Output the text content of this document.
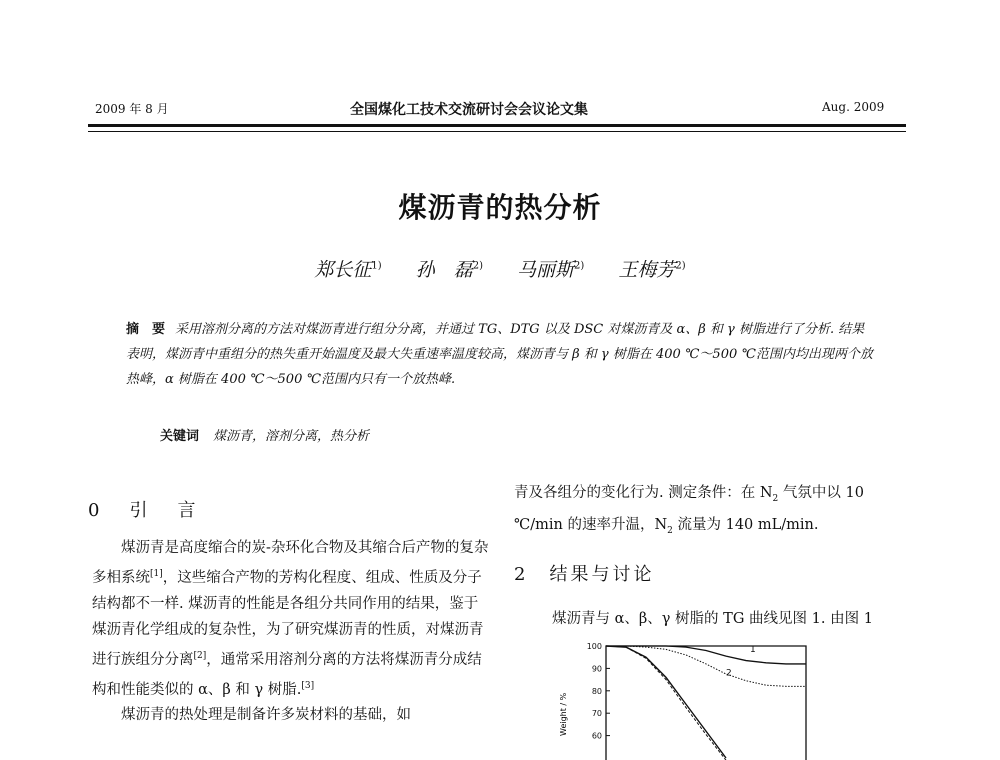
2009 年 8 月	全国煤化工技术交流研讨会会议论文集	Aug. 2009
煤沥青的热分析
郑长征$^{1)}$ 孙　磊$^{2)}$ 马丽斯$^{2)}$ 王梅芳$^{2)}$
摘　要 采用溶剂分离的方法对煤沥青进行组分分离，并通过 TG、DTG 以及 DSC 对煤沥青及 α、β 和 γ 树脂进行了分析. 结果表明，煤沥青中重组分的热失重开始温度及最大失重速率温度较高，煤沥青与 β 和 γ 树脂在 400 ℃～500 ℃范围内均出现两个放热峰，α 树脂在 400 ℃～500 ℃范围内只有一个放热峰.
关键词 煤沥青，溶剂分离，热分析
0　引　言

煤沥青是高度缩合的炭-杂环化合物及其缩合后产物的复杂多相系统[1]，这些缩合产物的芳构化程度、组成、性质及分子结构都不一样. 煤沥青的性能是各组分共同作用的结果，鉴于煤沥青化学组成的复杂性，为了研究煤沥青的性质，对煤沥青进行族组分分离[2]，通常采用溶剂分离的方法将煤沥青分成结构和性能类似的 α、β 和 γ 树脂.[3]

煤沥青的热处理是制备许多炭材料的基础，如

青及各组分的变化行为. 测定条件：在 $N_2$ 气氛中以 10 ℃/min 的速率升温，$N_2$ 流量为 140 mL/min.

2　结果与讨论

煤沥青与 α、β、γ 树脂的 TG 曲线见图 1. 由图 1

Weight / %
100
90
80
70
60
1
2
